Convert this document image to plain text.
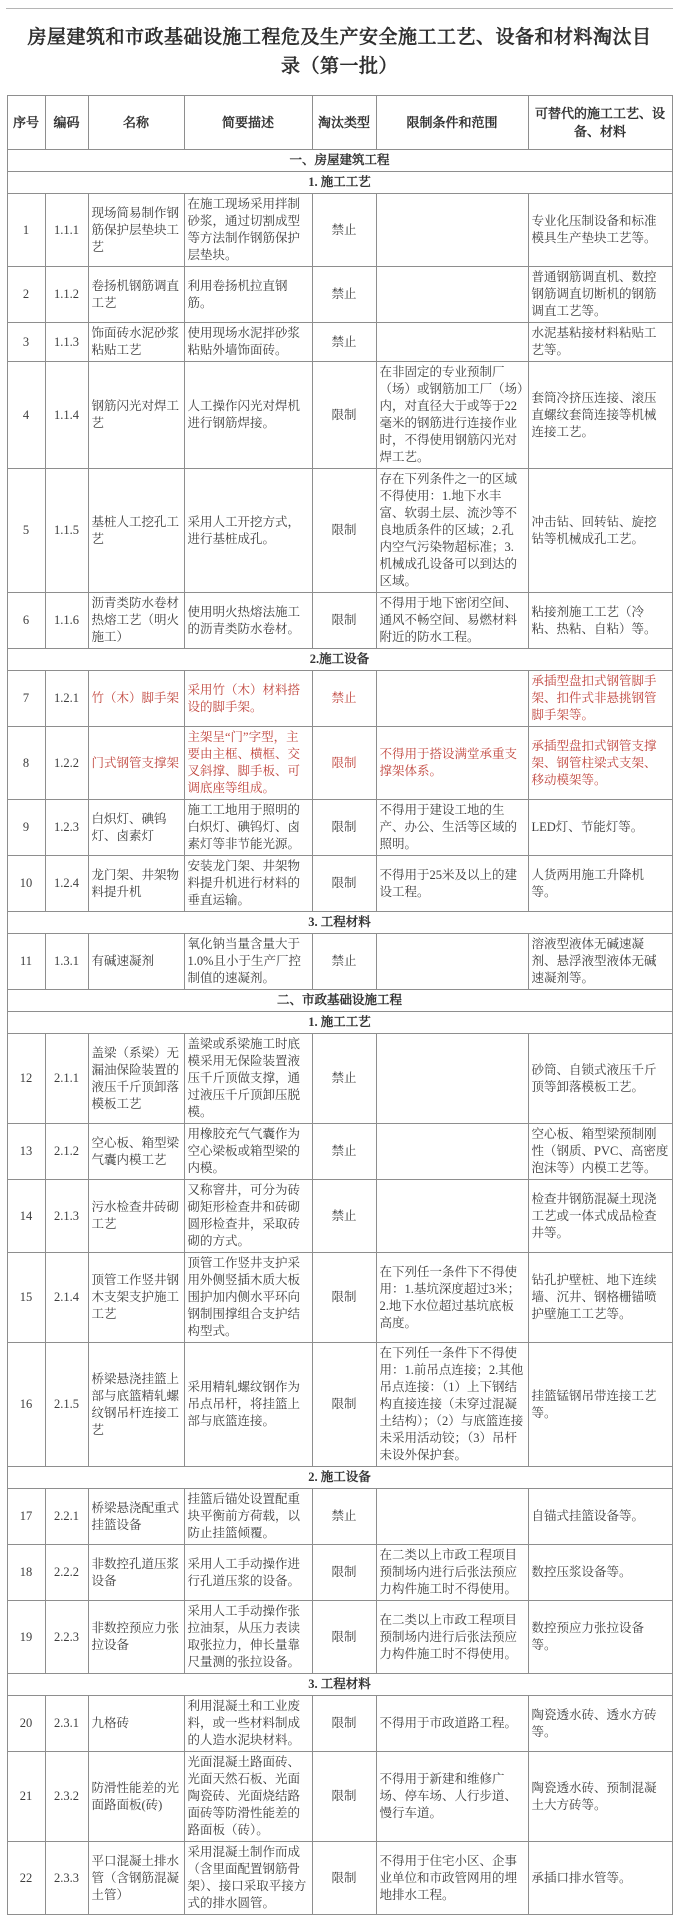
房屋建筑和市政基础设施工程危及生产安全施工工艺、设备和材料淘汰目录（第一批）
序号	编码	名称	简要描述	淘汰类型	限制条件和范围	可替代的施工工艺、设备、材料
一、房屋建筑工程						
1. 施工工艺						
1	1.1.1	现场简易制作钢筋保护层垫块工艺	在施工现场采用拌制砂浆，通过切割成型等方法制作钢筋保护层垫块。	禁止		专业化压制设备和标准模具生产垫块工艺等。
2	1.1.2	卷扬机钢筋调直工艺	利用卷扬机拉直钢筋。	禁止		普通钢筋调直机、数控钢筋调直切断机的钢筋调直工艺等。
3	1.1.3	饰面砖水泥砂浆粘贴工艺	使用现场水泥拌砂浆粘贴外墙饰面砖。	禁止		水泥基粘接材料粘贴工艺等。
4	1.1.4	钢筋闪光对焊工艺	人工操作闪光对焊机进行钢筋焊接。	限制	在非固定的专业预制厂（场）或钢筋加工厂（场）内，对直径大于或等于22毫米的钢筋进行连接作业时，不得使用钢筋闪光对焊工艺。	套筒冷挤压连接、滚压直螺纹套筒连接等机械连接工艺。
5	1.1.5	基桩人工挖孔工艺	采用人工开挖方式，进行基桩成孔。	限制	存在下列条件之一的区域不得使用：1.地下水丰富、软弱土层、流沙等不良地质条件的区域；2.孔内空气污染物超标准；3.机械成孔设备可以到达的区域。	冲击钻、回转钻、旋挖钻等机械成孔工艺。
6	1.1.6	沥青类防水卷材热熔工艺（明火施工）	使用明火热熔法施工的沥青类防水卷材。	限制	不得用于地下密闭空间、通风不畅空间、易燃材料附近的防水工程。	粘接剂施工工艺（冷粘、热粘、自粘）等。
2.施工设备						
7	1.2.1	竹（木）脚手架	采用竹（木）材料搭设的脚手架。	禁止		承插型盘扣式钢管脚手架、扣件式非悬挑钢管脚手架等。
8	1.2.2	门式钢管支撑架	主架呈“门”字型，主要由主框、横框、交叉斜撑、脚手板、可调底座等组成。	限制	不得用于搭设满堂承重支撑架体系。	承插型盘扣式钢管支撑架、钢管柱梁式支架、移动模架等。
9	1.2.3	白炽灯、碘钨灯、卤素灯	施工工地用于照明的白炽灯、碘钨灯、卤素灯等非节能光源。	限制	不得用于建设工地的生产、办公、生活等区域的照明。	LED灯、节能灯等。
10	1.2.4	龙门架、井架物料提升机	安装龙门架、井架物料提升机进行材料的垂直运输。	限制	不得用于25米及以上的建设工程。	人货两用施工升降机等。
3. 工程材料						
11	1.3.1	有碱速凝剂	氧化钠当量含量大于1.0%且小于生产厂控制值的速凝剂。	禁止		溶液型液体无碱速凝剂、悬浮液型液体无碱速凝剂等。
二、市政基础设施工程						
1. 施工工艺						
12	2.1.1	盖梁（系梁）无漏油保险装置的液压千斤顶卸落模板工艺	盖梁或系梁施工时底模采用无保险装置液压千斤顶做支撑，通过液压千斤顶卸压脱模。	禁止		砂筒、自锁式液压千斤顶等卸落模板工艺。
13	2.1.2	空心板、箱型梁气囊内模工艺	用橡胶充气气囊作为空心梁板或箱型梁的内模。	禁止		空心板、箱型梁预制刚性（钢质、PVC、高密度泡沫等）内模工艺等。
14	2.1.3	污水检查井砖砌工艺	又称窨井，可分为砖砌矩形检查井和砖砌圆形检查井，采取砖砌的方式。	禁止		检查井钢筋混凝土现浇工艺或一体式成品检查井等。
15	2.1.4	顶管工作竖井钢木支架支护施工工艺	顶管工作竖井支护采用外侧竖插木质大板围护加内侧水平环向钢制围撑组合支护结构型式。	限制	在下列任一条件下不得使用：1.基坑深度超过3米；2.地下水位超过基坑底板高度。	钻孔护壁桩、地下连续墙、沉井、钢格栅锚喷护壁施工工艺等。
16	2.1.5	桥梁悬浇挂篮上部与底篮精轧螺纹钢吊杆连接工艺	采用精轧螺纹钢作为吊点吊杆，将挂篮上部与底篮连接。	限制	在下列任一条件下不得使用：1.前吊点连接；2.其他吊点连接：（1）上下钢结构直接连接（未穿过混凝土结构）；（2）与底篮连接未采用活动铰；（3）吊杆未设外保护套。	挂篮锰钢吊带连接工艺等。
2. 施工设备						
17	2.2.1	桥梁悬浇配重式挂篮设备	挂篮后锚处设置配重块平衡前方荷载，以防止挂篮倾覆。	禁止		自锚式挂篮设备等。
18	2.2.2	非数控孔道压浆设备	采用人工手动操作进行孔道压浆的设备。	限制	在二类以上市政工程项目预制场内进行后张法预应力构件施工时不得使用。	数控压浆设备等。
19	2.2.3	非数控预应力张拉设备	采用人工手动操作张拉油泵，从压力表读取张拉力，伸长量靠尺量测的张拉设备。	限制	在二类以上市政工程项目预制场内进行后张法预应力构件施工时不得使用。	数控预应力张拉设备等。
3. 工程材料						
20	2.3.1	九格砖	利用混凝土和工业废料，或一些材料制成的人造水泥块材料。	限制	不得用于市政道路工程。	陶瓷透水砖、透水方砖等。
21	2.3.2	防滑性能差的光面路面板(砖)	光面混凝土路面砖、光面天然石板、光面陶瓷砖、光面烧结路面砖等防滑性能差的路面板（砖）。	限制	不得用于新建和维修广场、停车场、人行步道、慢行车道。	陶瓷透水砖、预制混凝土大方砖等。
22	2.3.3	平口混凝土排水管（含钢筋混凝土管）	采用混凝土制作而成（含里面配置钢筋骨架）、接口采取平接方式的排水圆管。	限制	不得用于住宅小区、企事业单位和市政管网用的埋地排水工程。	承插口排水管等。
